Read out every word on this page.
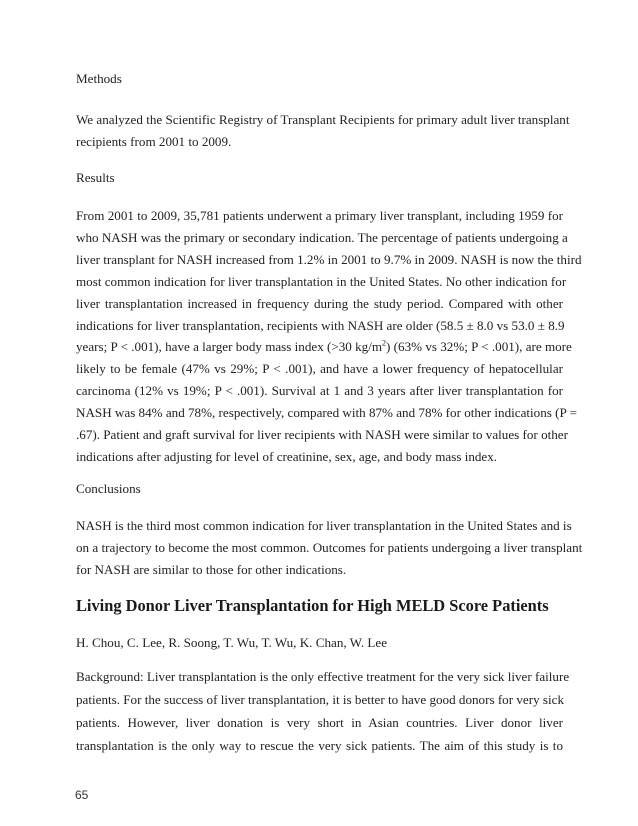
Methods
We analyzed the Scientific Registry of Transplant Recipients for primary adult liver transplant
recipients from 2001 to 2009.
Results
From 2001 to 2009, 35,781 patients underwent a primary liver transplant, including 1959 for
who NASH was the primary or secondary indication. The percentage of patients undergoing a
liver transplant for NASH increased from 1.2% in 2001 to 9.7% in 2009. NASH is now the third
most common indication for liver transplantation in the United States. No other indication for
liver transplantation increased in frequency during the study period. Compared with other
indications for liver transplantation, recipients with NASH are older (58.5 ± 8.0 vs 53.0 ± 8.9
years; P < .001), have a larger body mass index (>30 $kg/m^2$) (63% vs 32%; P < .001), are more
likely to be female (47% vs 29%; P < .001), and have a lower frequency of hepatocellular
carcinoma (12% vs 19%; P < .001). Survival at 1 and 3 years after liver transplantation for
NASH was 84% and 78%, respectively, compared with 87% and 78% for other indications (P =
.67). Patient and graft survival for liver recipients with NASH were similar to values for other
indications after adjusting for level of creatinine, sex, age, and body mass index.
Conclusions
NASH is the third most common indication for liver transplantation in the United States and is
on a trajectory to become the most common. Outcomes for patients undergoing a liver transplant
for NASH are similar to those for other indications.
Living Donor Liver Transplantation for High MELD Score Patients
H. Chou, C. Lee, R. Soong, T. Wu, T. Wu, K. Chan, W. Lee
Background: Liver transplantation is the only effective treatment for the very sick liver failure
patients. For the success of liver transplantation, it is better to have good donors for very sick
patients. However, liver donation is very short in Asian countries. Liver donor liver
transplantation is the only way to rescue the very sick patients. The aim of this study is to
65
